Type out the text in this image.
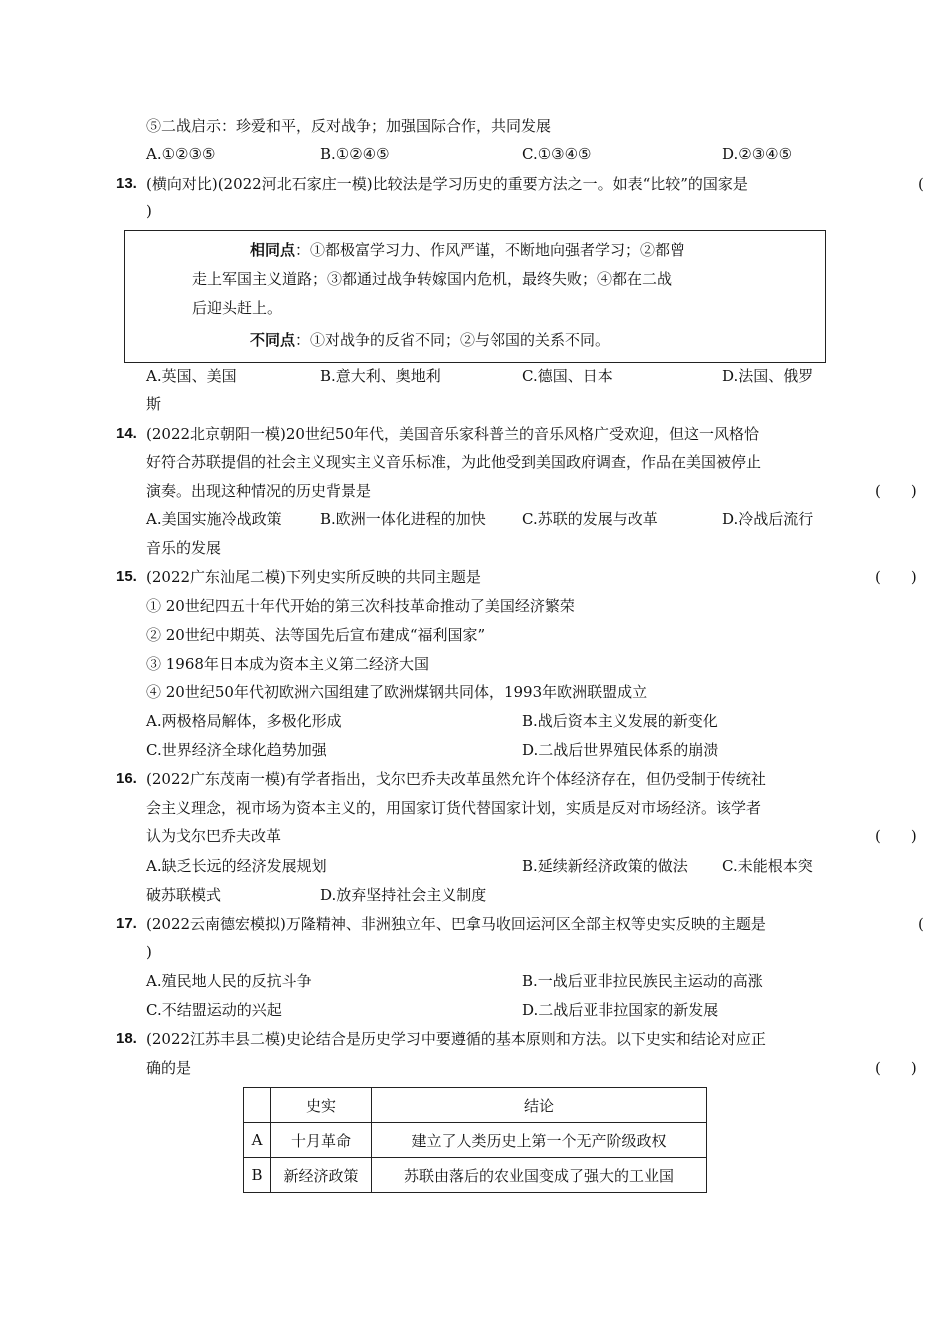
⑤二战启示：珍爱和平，反对战争；加强国际合作，共同发展
A.①②③⑤	B.①②④⑤	C.①③④⑤	D.②③④⑤
13. (横向对比)(2022河北石家庄一模)比较法是学习历史的重要方法之一。如表“比较”的国家是	(
)
相同点：①都极富学习力、作风严谨，不断地向强者学习；②都曾
走上军国主义道路；③都通过战争转嫁国内危机，最终失败；④都在二战
后迎头赶上。
不同点：①对战争的反省不同；②与邻国的关系不同。
A.英国、美国	B.意大利、奥地利	C.德国、日本	D.法国、俄罗
斯
14. (2022北京朝阳一模)20世纪50年代，美国音乐家科普兰的音乐风格广受欢迎，但这一风格恰
好符合苏联提倡的社会主义现实主义音乐标准，为此他受到美国政府调查，作品在美国被停止
演奏。出现这种情况的历史背景是	(　　)
A.美国实施冷战政策	B.欧洲一体化进程的加快 C.苏联的发展与改革	D.冷战后流行
音乐的发展
15. (2022广东汕尾二模)下列史实所反映的共同主题是	(　　)
① 20世纪四五十年代开始的第三次科技革命推动了美国经济繁荣
② 20世纪中期英、法等国先后宣布建成“福利国家”
③ 1968年日本成为资本主义第二经济大国
④ 20世纪50年代初欧洲六国组建了欧洲煤钢共同体，1993年欧洲联盟成立
A.两极格局解体，多极化形成	B.战后资本主义发展的新变化
C.世界经济全球化趋势加强	D.二战后世界殖民体系的崩溃
16. (2022广东茂南一模)有学者指出，戈尔巴乔夫改革虽然允许个体经济存在，但仍受制于传统社
会主义理念，视市场为资本主义的，用国家订货代替国家计划，实质是反对市场经济。该学者
认为戈尔巴乔夫改革	(　　)
A.缺乏长远的经济发展规划	B.延续新经济政策的做法 C.未能根本突
破苏联模式	D.放弃坚持社会主义制度
17. (2022云南德宏模拟)万隆精神、非洲独立年、巴拿马收回运河区全部主权等史实反映的主题是	(
)
A.殖民地人民的反抗斗争	B.一战后亚非拉民族民主运动的高涨
C.不结盟运动的兴起	D.二战后亚非拉国家的新发展
18. (2022江苏丰县二模)史论结合是历史学习中要遵循的基本原则和方法。以下史实和结论对应正
确的是	(　　)
	史实	结论
A	十月革命	建立了人类历史上第一个无产阶级政权
B	新经济政策	苏联由落后的农业国变成了强大的工业国
